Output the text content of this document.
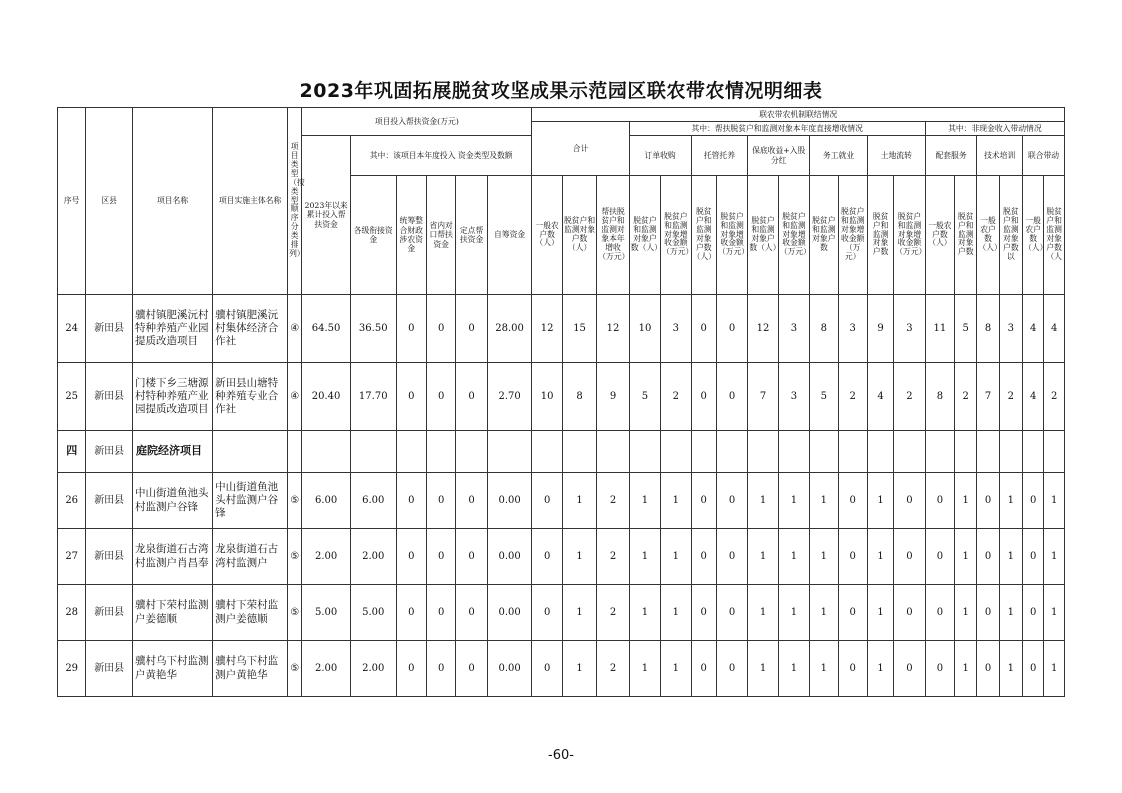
2023年巩固拓展脱贫攻坚成果示范园区联农带农情况明细表
序号	区县	项目名称	项目实施主体名称	项目类型（按类型顺序分类排列）	项目投入帮扶资金(万元)						联农带农机制联结情况																		
											合计			其中：帮扶脱贫户和监测对象本年度直接增收情况										其中：非现金收入带动情况					
					2023年以来累计投入帮扶资金	其中：该项目本年度投入 资金类型及数额								订单收购		托管托养		保底收益+入股分红		务工就业		土地流转		配套服务		技术培训		联合带动	
						各级衔接资金	统筹整合财政涉农资金	省内对口帮扶资金	定点帮扶资金	自筹资金	一般农户数（人）	脱贫户和监测对象户数（人）	帮扶脱贫户和监测对象本年增收（万元）	脱贫户和监测对象户数（人）	脱贫户和监测对象增收金额（万元）	脱贫户和监测对象户数（人）	脱贫户和监测对象增收金额（万元）	脱贫户和监测对象户数（人）	脱贫户和监测对象增收金额（万元）	脱贫户和监测对象户数	脱贫户和监测对象增收金额（万元）	脱贫户和监测对象户数	脱贫户和监测对象增收金额（万元）	一般农户数（人）	脱贫户和监测对象户数	一般农户数（人）	脱贫户和监测对象户数以	一般农户数（人）	脱贫户和监测对象户数（人
24	新田县	骥村镇肥溪沅村特种养殖产业园提质改造项目	骥村镇肥溪沅村集体经济合作社	④	64.50	36.50	0	0	0	28.00	12	15	12	10	3	0	0	12	3	8	3	9	3	11	5	8	3	4	4
25	新田县	门楼下乡三塘源村特种养殖产业园提质改造项目	新田县山塘特种养殖专业合作社	④	20.40	17.70	0	0	0	2.70	10	8	9	5	2	0	0	7	3	5	2	4	2	8	2	7	2	4	2
四	新田县	庭院经济项目																											
26	新田县	中山街道鱼池头村监测户谷锋	中山街道鱼池头村监测户谷锋	⑤	6.00	6.00	0	0	0	0.00	0	1	2	1	1	0	0	1	1	1	0	1	0	0	1	0	1	0	1
27	新田县	龙泉街道石古湾村监测户肖昌奉	龙泉街道石古湾村监测户	⑤	2.00	2.00	0	0	0	0.00	0	1	2	1	1	0	0	1	1	1	0	1	0	0	1	0	1	0	1
28	新田县	骥村下荣村监测户姜德顺	骥村下荣村监测户姜德顺	⑤	5.00	5.00	0	0	0	0.00	0	1	2	1	1	0	0	1	1	1	0	1	0	0	1	0	1	0	1
29	新田县	骥村乌下村监测户黄艳华	骥村乌下村监测户黄艳华	⑤	2.00	2.00	0	0	0	0.00	0	1	2	1	1	0	0	1	1	1	0	1	0	0	1	0	1	0	1
-60-
